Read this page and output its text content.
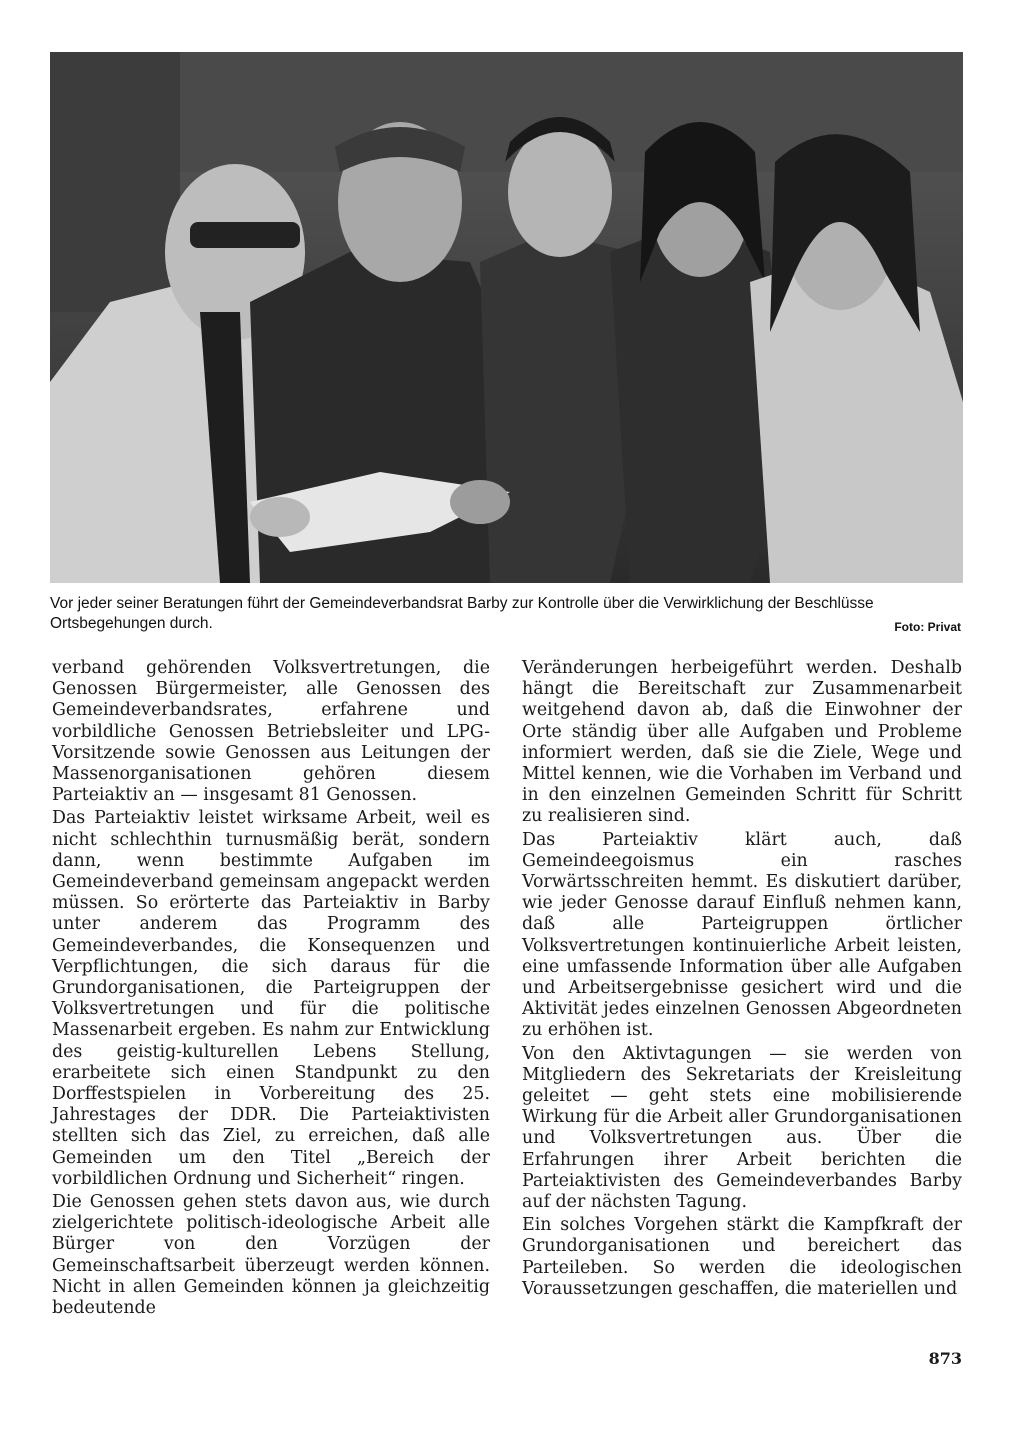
Vor jeder seiner Beratungen führt der Gemeindeverbandsrat Barby zur Kontrolle über die Verwirklichung der Beschlüsse Ortsbegehungen durch.	Foto: Privat

verband gehörenden Volksvertretungen, die Genossen Bürgermeister, alle Genossen des Gemeindeverbandsrates, erfahrene und vorbildliche Genossen Betriebsleiter und LPG-Vorsitzende sowie Genossen aus Leitungen der Massenorganisationen gehören diesem Parteiaktiv an — insgesamt 81 Genossen.

Das Parteiaktiv leistet wirksame Arbeit, weil es nicht schlechthin turnusmäßig berät, sondern dann, wenn bestimmte Aufgaben im Gemeindeverband gemeinsam angepackt werden müssen. So erörterte das Parteiaktiv in Barby unter anderem das Programm des Gemeindeverbandes, die Konsequenzen und Verpflichtungen, die sich daraus für die Grundorganisationen, die Parteigruppen der Volksvertretungen und für die politische Massenarbeit ergeben. Es nahm zur Entwicklung des geistig-kulturellen Lebens Stellung, erarbeitete sich einen Standpunkt zu den Dorffestspielen in Vorbereitung des 25. Jahrestages der DDR. Die Parteiaktivisten stellten sich das Ziel, zu erreichen, daß alle Gemeinden um den Titel „Bereich der vorbildlichen Ordnung und Sicherheit“ ringen.

Die Genossen gehen stets davon aus, wie durch zielgerichtete politisch-ideologische Arbeit alle Bürger von den Vorzügen der Gemeinschaftsarbeit überzeugt werden können. Nicht in allen Gemeinden können ja gleichzeitig bedeutende

Veränderungen herbeigeführt werden. Deshalb hängt die Bereitschaft zur Zusammenarbeit weitgehend davon ab, daß die Einwohner der Orte ständig über alle Aufgaben und Probleme informiert werden, daß sie die Ziele, Wege und Mittel kennen, wie die Vorhaben im Verband und in den einzelnen Gemeinden Schritt für Schritt zu realisieren sind.

Das Parteiaktiv klärt auch, daß Gemeindeegoismus ein rasches Vorwärtsschreiten hemmt. Es diskutiert darüber, wie jeder Genosse darauf Einfluß nehmen kann, daß alle Parteigruppen örtlicher Volksvertretungen kontinuierliche Arbeit leisten, eine umfassende Information über alle Aufgaben und Arbeitsergebnisse gesichert wird und die Aktivität jedes einzelnen Genossen Abgeordneten zu erhöhen ist.

Von den Aktivtagungen — sie werden von Mitgliedern des Sekretariats der Kreisleitung geleitet — geht stets eine mobilisierende Wirkung für die Arbeit aller Grundorganisationen und Volksvertretungen aus. Über die Erfahrungen ihrer Arbeit berichten die Parteiaktivisten des Gemeindeverbandes Barby auf der nächsten Tagung.

Ein solches Vorgehen stärkt die Kampfkraft der Grundorganisationen und bereichert das Parteileben. So werden die ideologischen Voraussetzungen geschaffen, die materiellen und

873
